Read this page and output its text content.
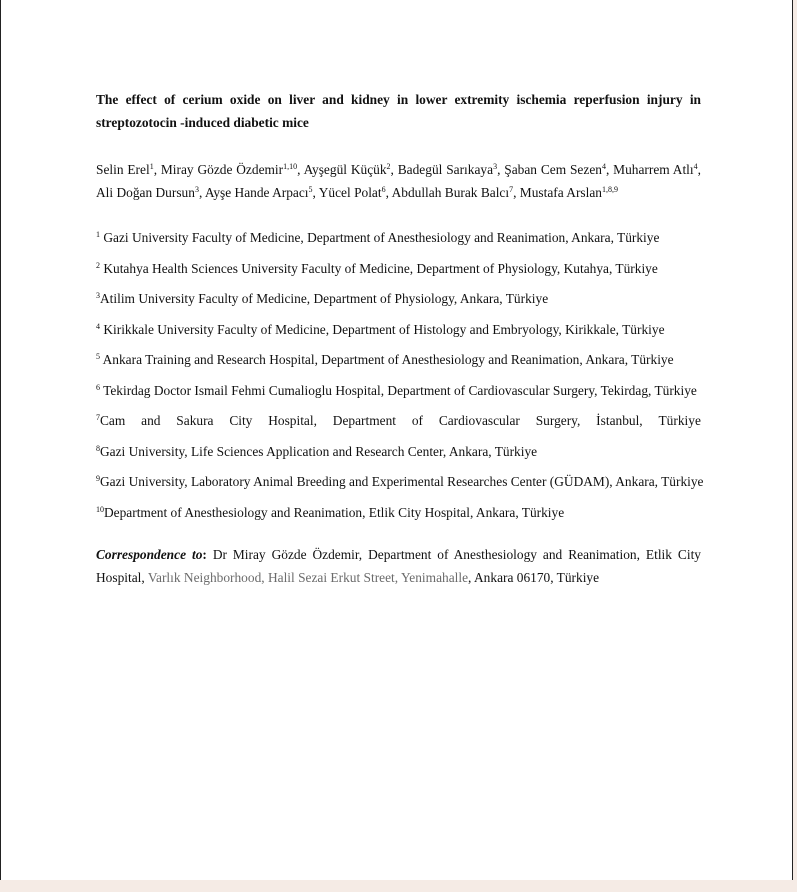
The effect of cerium oxide on liver and kidney in lower extremity ischemia reperfusion injury in streptozotocin -induced diabetic mice

Selin Erel$^1$, Miray Gözde Özdemir$^{1,10}$, Ayşegül Küçük$^2$, Badegül Sarıkaya$^3$, Şaban Cem Sezen$^4$, Muharrem Atlı$^4$, Ali Doğan Dursun$^3$, Ayşe Hande Arpacı$^5$, Yücel Polat$^6$, Abdullah Burak Balcı$^7$, Mustafa Arslan$^{1,8,9}$
$^1$ Gazi University Faculty of Medicine, Department of Anesthesiology and Reanimation, Ankara, Türkiye
$^2$ Kutahya Health Sciences University Faculty of Medicine, Department of Physiology, Kutahya, Türkiye
$^3$Atilim University Faculty of Medicine, Department of Physiology, Ankara, Türkiye
$^4$ Kirikkale University Faculty of Medicine, Department of Histology and Embryology, Kirikkale, Türkiye
$^5$ Ankara Training and Research Hospital, Department of Anesthesiology and Reanimation, Ankara, Türkiye
$^6$ Tekirdag Doctor Ismail Fehmi Cumalioglu Hospital, Department of Cardiovascular Surgery, Tekirdag, Türkiye
$^7$Cam and Sakura City Hospital, Department of Cardiovascular Surgery, İstanbul, Türkiye
$^8$Gazi University, Life Sciences Application and Research Center, Ankara, Türkiye
$^9$Gazi University, Laboratory Animal Breeding and Experimental Researches Center (GÜDAM), Ankara, Türkiye
$^{10}$Department of Anesthesiology and Reanimation, Etlik City Hospital, Ankara, Türkiye
Correspondence to: Dr Miray Gözde Özdemir, Department of Anesthesiology and Reanimation, Etlik City Hospital, Varlık Neighborhood, Halil Sezai Erkut Street, Yenimahalle, Ankara 06170, Türkiye
